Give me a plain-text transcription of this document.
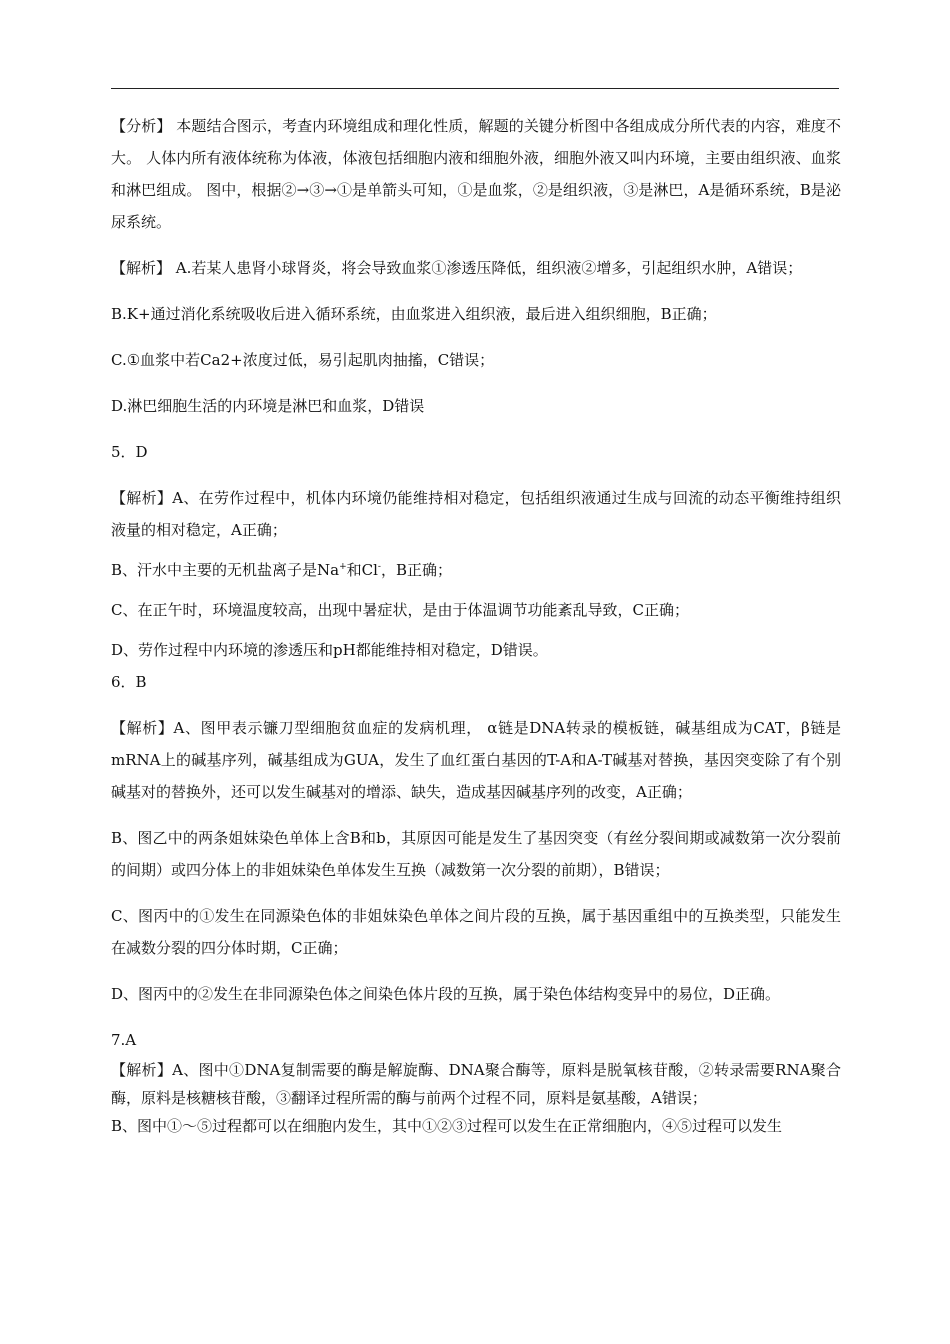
【分析】 本题结合图示，考查内环境组成和理化性质，解题的关键分析图中各组成成分所代表的内容，难度不大。 人体内所有液体统称为体液，体液包括细胞内液和细胞外液，细胞外液又叫内环境，主要由组织液、血浆和淋巴组成。 图中，根据②→③→①是单箭头可知，①是血浆，②是组织液，③是淋巴，A是循环系统，B是泌尿系统。

【解析】 A.若某人患肾小球肾炎，将会导致血浆①渗透压降低，组织液②增多，引起组织水肿，A错误；

B.K+通过消化系统吸收后进入循环系统，由血浆进入组织液，最后进入组织细胞，B正确；

C.①血浆中若Ca2+浓度过低，易引起肌肉抽搐，C错误；

D.淋巴细胞生活的内环境是淋巴和血浆，D错误

5．D

【解析】A、在劳作过程中，机体内环境仍能维持相对稳定，包括组织液通过生成与回流的动态平衡维持组织液量的相对稳定，A正确；

B、汗水中主要的无机盐离子是Na+和Cl-，B正确；

C、在正午时，环境温度较高，出现中暑症状，是由于体温调节功能紊乱导致，C正确；

D、劳作过程中内环境的渗透压和pH都能维持相对稳定，D错误。

6．B

【解析】A、图甲表示镰刀型细胞贫血症的发病机理， α链是DNA转录的模板链，碱基组成为CAT，β链是mRNA上的碱基序列，碱基组成为GUA，发生了血红蛋白基因的T-A和A-T碱基对替换，基因突变除了有个别碱基对的替换外，还可以发生碱基对的增添、缺失，造成基因碱基序列的改变，A正确；

B、图乙中的两条姐妹染色单体上含B和b，其原因可能是发生了基因突变（有丝分裂间期或减数第一次分裂前的间期）或四分体上的非姐妹染色单体发生互换（减数第一次分裂的前期），B错误；

C、图丙中的①发生在同源染色体的非姐妹染色单体之间片段的互换，属于基因重组中的互换类型，只能发生在减数分裂的四分体时期，C正确；

D、图丙中的②发生在非同源染色体之间染色体片段的互换，属于染色体结构变异中的易位，D正确。

7.A

【解析】A、图中①DNA复制需要的酶是解旋酶、DNA聚合酶等，原料是脱氧核苷酸，②转录需要RNA聚合酶，原料是核糖核苷酸，③翻译过程所需的酶与前两个过程不同，原料是氨基酸，A错误；

B、图中①～⑤过程都可以在细胞内发生，其中①②③过程可以发生在正常细胞内，④⑤过程可以发生
